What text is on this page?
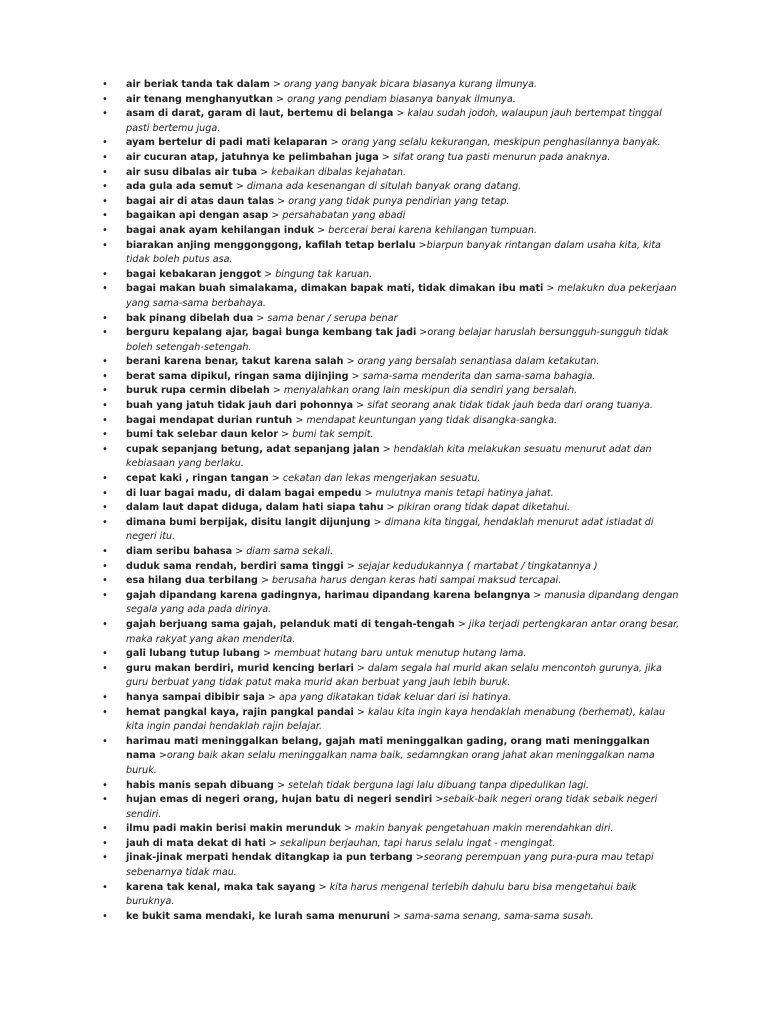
• air beriak tanda tak dalam > orang yang banyak bicara biasanya kurang ilmunya.
• air tenang menghanyutkan > orang yang pendiam biasanya banyak ilmunya.
• asam di darat, garam di laut, bertemu di belanga > kalau sudah jodoh, walaupun jauh bertempat tinggal pasti bertemu juga.
• ayam bertelur di padi mati kelaparan > orang yang selalu kekurangan, meskipun penghasilannya banyak.
• air cucuran atap, jatuhnya ke pelimbahan juga > sifat orang tua pasti menurun pada anaknya.
• air susu dibalas air tuba > kebaikan dibalas kejahatan.
• ada gula ada semut > dimana ada kesenangan di situlah banyak orang datang.
• bagai air di atas daun talas > orang yang tidak punya pendirian yang tetap.
• bagaikan api dengan asap > persahabatan yang abadi
• bagai anak ayam kehilangan induk > bercerai berai karena kehilangan tumpuan.
• biarakan anjing menggonggong, kafilah tetap berlalu >biarpun banyak rintangan dalam usaha kita, kita tidak boleh putus asa.
• bagai kebakaran jenggot > bingung tak karuan.
• bagai makan buah simalakama, dimakan bapak mati, tidak dimakan ibu mati > melakukn dua pekerjaan yang sama-sama berbahaya.
• bak pinang dibelah dua > sama benar / serupa benar
• berguru kepalang ajar, bagai bunga kembang tak jadi >orang belajar haruslah bersungguh-sungguh tidak boleh setengah-setengah.
• berani karena benar, takut karena salah > orang yang bersalah senantiasa dalam ketakutan.
• berat sama dipikul, ringan sama dijinjing > sama-sama menderita dan sama-sama bahagia.
• buruk rupa cermin dibelah > menyalahkan orang lain meskipun dia sendiri yang bersalah.
• buah yang jatuh tidak jauh dari pohonnya > sifat seorang anak tidak tidak jauh beda dari orang tuanya.
• bagai mendapat durian runtuh > mendapat keuntungan yang tidak disangka-sangka.
• bumi tak selebar daun kelor > bumi tak sempit.
• cupak sepanjang betung, adat sepanjang jalan > hendaklah kita melakukan sesuatu menurut adat dan kebiasaan yang berlaku.
• cepat kaki , ringan tangan > cekatan dan lekas mengerjakan sesuatu.
• di luar bagai madu, di dalam bagai empedu > mulutnya manis tetapi hatinya jahat.
• dalam laut dapat diduga, dalam hati siapa tahu > pikiran orang tidak dapat diketahui.
• dimana bumi berpijak, disitu langit dijunjung > dimana kita tinggal, hendaklah menurut adat istiadat di negeri itu.
• diam seribu bahasa > diam sama sekali.
• duduk sama rendah, berdiri sama tinggi > sejajar kedudukannya ( martabat / tingkatannya )
• esa hilang dua terbilang > berusaha harus dengan keras hati sampai maksud tercapai.
• gajah dipandang karena gadingnya, harimau dipandang karena belangnya > manusia dipandang dengan segala yang ada pada dirinya.
• gajah berjuang sama gajah, pelanduk mati di tengah-tengah > jika terjadi pertengkaran antar orang besar, maka rakyat yang akan menderita.
• gali lubang tutup lubang > membuat hutang baru untuk menutup hutang lama.
• guru makan berdiri, murid kencing berlari > dalam segala hal murid akan selalu mencontoh gurunya, jika guru berbuat yang tidak patut maka murid akan berbuat yang jauh lebih buruk.
• hanya sampai dibibir saja > apa yang dikatakan tidak keluar dari isi hatinya.
• hemat pangkal kaya, rajin pangkal pandai > kalau kita ingin kaya hendaklah menabung (berhemat), kalau kita ingin pandai hendaklah rajin belajar.
• harimau mati meninggalkan belang, gajah mati meninggalkan gading, orang mati meninggalkan nama >orang baik akan selalu meninggalkan nama baik, sedamngkan orang jahat akan meninggalkan nama buruk.
• habis manis sepah dibuang > setelah tidak berguna lagi lalu dibuang tanpa dipedulikan lagi.
• hujan emas di negeri orang, hujan batu di negeri sendiri >sebaik-baik negeri orang tidak sebaik negeri sendiri.
• ilmu padi makin berisi makin merunduk > makin banyak pengetahuan makin merendahkan diri.
• jauh di mata dekat di hati > sekalipun berjauhan, tapi harus selalu ingat - mengingat.
• jinak-jinak merpati hendak ditangkap ia pun terbang >seorang perempuan yang pura-pura mau tetapi sebenarnya tidak mau.
• karena tak kenal, maka tak sayang > kita harus mengenal terlebih dahulu baru bisa mengetahui baik buruknya.
• ke bukit sama mendaki, ke lurah sama menuruni > sama-sama senang, sama-sama susah.
